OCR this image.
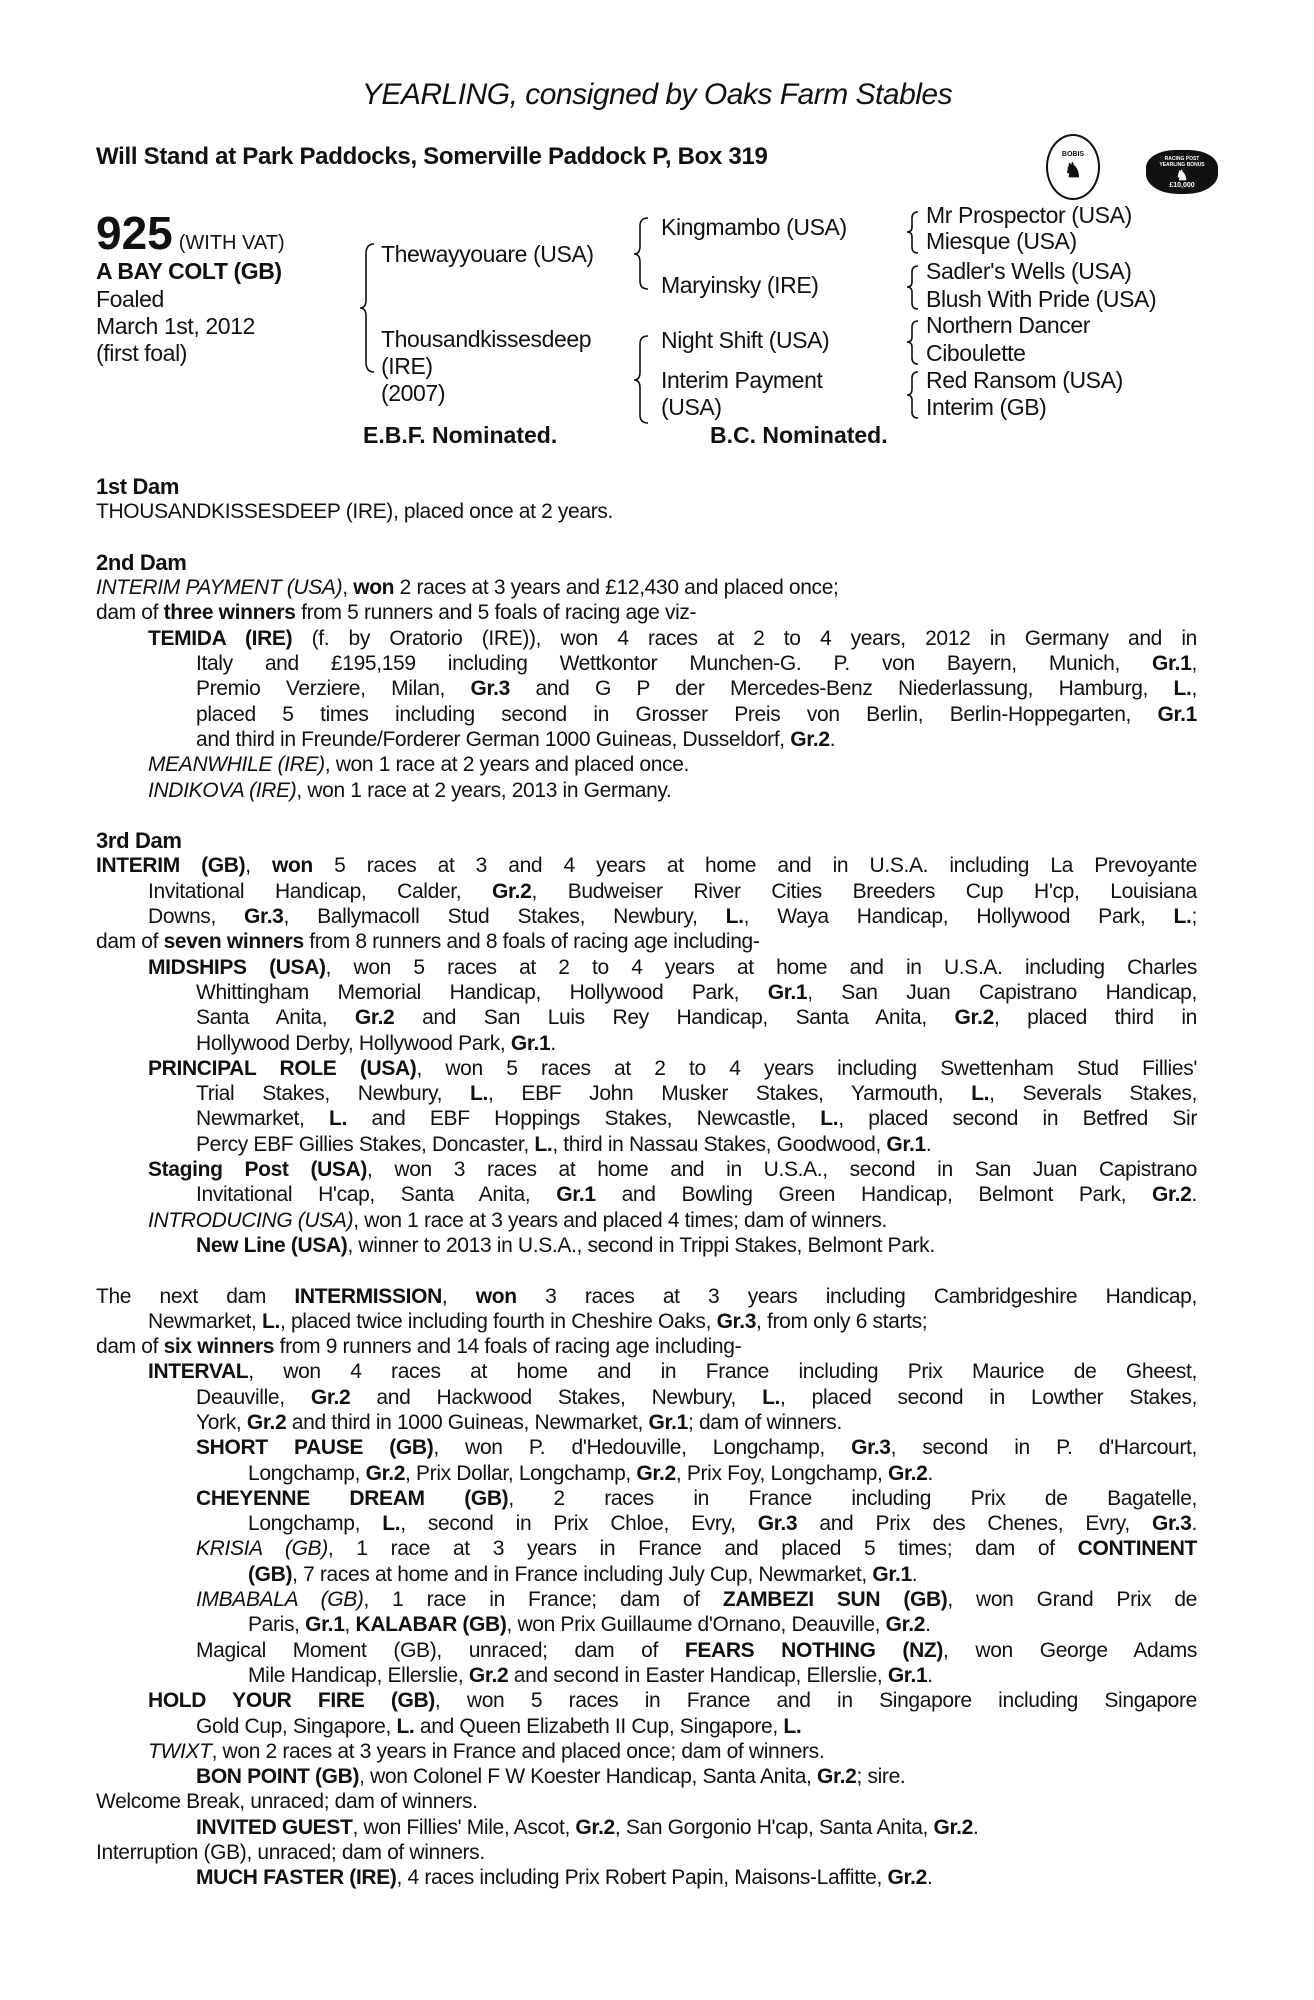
YEARLING, consigned by Oaks Farm Stables
Will Stand at Park Paddocks, Somerville Paddock P, Box 319	BOBIS
♞
RACING POST
YEARLING BONUS
♞
£10,000
925 (WITH VAT)
A BAY COLT (GB)
Foaled
March 1st, 2012
(first foal)
Thewayyouare (USA)
Thousandkissesdeep
(IRE)
(2007)
Kingmambo (USA)
Maryinsky (IRE)
Night Shift (USA)
Interim Payment
(USA)
Mr Prospector (USA)
Miesque (USA)
Sadler's Wells (USA)
Blush With Pride (USA)
Northern Dancer
Ciboulette
Red Ransom (USA)
Interim (GB)
E.B.F. Nominated.	B.C. Nominated.
1st Dam
THOUSANDKISSESDEEP (IRE), placed once at 2 years.
2nd Dam
INTERIM PAYMENT (USA), won 2 races at 3 years and £12,430 and placed once;
dam of three winners from 5 runners and 5 foals of racing age viz-
TEMIDA (IRE) (f. by Oratorio (IRE)), won 4 races at 2 to 4 years, 2012 in Germany and in
Italy and £195,159 including Wettkontor Munchen-G. P. von Bayern, Munich, Gr.1,
Premio Verziere, Milan, Gr.3 and G P der Mercedes-Benz Niederlassung, Hamburg, L.,
placed 5 times including second in Grosser Preis von Berlin, Berlin-Hoppegarten, Gr.1
and third in Freunde/Forderer German 1000 Guineas, Dusseldorf, Gr.2.
MEANWHILE (IRE), won 1 race at 2 years and placed once.
INDIKOVA (IRE), won 1 race at 2 years, 2013 in Germany.
3rd Dam
INTERIM (GB), won 5 races at 3 and 4 years at home and in U.S.A. including La Prevoyante
Invitational Handicap, Calder, Gr.2, Budweiser River Cities Breeders Cup H'cp, Louisiana
Downs, Gr.3, Ballymacoll Stud Stakes, Newbury, L., Waya Handicap, Hollywood Park, L.;
dam of seven winners from 8 runners and 8 foals of racing age including-
MIDSHIPS (USA), won 5 races at 2 to 4 years at home and in U.S.A. including Charles
Whittingham Memorial Handicap, Hollywood Park, Gr.1, San Juan Capistrano Handicap,
Santa Anita, Gr.2 and San Luis Rey Handicap, Santa Anita, Gr.2, placed third in
Hollywood Derby, Hollywood Park, Gr.1.
PRINCIPAL ROLE (USA), won 5 races at 2 to 4 years including Swettenham Stud Fillies'
Trial Stakes, Newbury, L., EBF John Musker Stakes, Yarmouth, L., Severals Stakes,
Newmarket, L. and EBF Hoppings Stakes, Newcastle, L., placed second in Betfred Sir
Percy EBF Gillies Stakes, Doncaster, L., third in Nassau Stakes, Goodwood, Gr.1.
Staging Post (USA), won 3 races at home and in U.S.A., second in San Juan Capistrano
Invitational H'cap, Santa Anita, Gr.1 and Bowling Green Handicap, Belmont Park, Gr.2.
INTRODUCING (USA), won 1 race at 3 years and placed 4 times; dam of winners.
New Line (USA), winner to 2013 in U.S.A., second in Trippi Stakes, Belmont Park.
The next dam INTERMISSION, won 3 races at 3 years including Cambridgeshire Handicap,
Newmarket, L., placed twice including fourth in Cheshire Oaks, Gr.3, from only 6 starts;
dam of six winners from 9 runners and 14 foals of racing age including-
INTERVAL, won 4 races at home and in France including Prix Maurice de Gheest,
Deauville, Gr.2 and Hackwood Stakes, Newbury, L., placed second in Lowther Stakes,
York, Gr.2 and third in 1000 Guineas, Newmarket, Gr.1; dam of winners.
SHORT PAUSE (GB), won P. d'Hedouville, Longchamp, Gr.3, second in P. d'Harcourt,
Longchamp, Gr.2, Prix Dollar, Longchamp, Gr.2, Prix Foy, Longchamp, Gr.2.
CHEYENNE DREAM (GB), 2 races in France including Prix de Bagatelle,
Longchamp, L., second in Prix Chloe, Evry, Gr.3 and Prix des Chenes, Evry, Gr.3.
KRISIA (GB), 1 race at 3 years in France and placed 5 times; dam of CONTINENT
(GB), 7 races at home and in France including July Cup, Newmarket, Gr.1.
IMBABALA (GB), 1 race in France; dam of ZAMBEZI SUN (GB), won Grand Prix de
Paris, Gr.1, KALABAR (GB), won Prix Guillaume d'Ornano, Deauville, Gr.2.
Magical Moment (GB), unraced; dam of FEARS NOTHING (NZ), won George Adams
Mile Handicap, Ellerslie, Gr.2 and second in Easter Handicap, Ellerslie, Gr.1.
HOLD YOUR FIRE (GB), won 5 races in France and in Singapore including Singapore
Gold Cup, Singapore, L. and Queen Elizabeth II Cup, Singapore, L.
TWIXT, won 2 races at 3 years in France and placed once; dam of winners.
BON POINT (GB), won Colonel F W Koester Handicap, Santa Anita, Gr.2; sire.
Welcome Break, unraced; dam of winners.
INVITED GUEST, won Fillies' Mile, Ascot, Gr.2, San Gorgonio H'cap, Santa Anita, Gr.2.
Interruption (GB), unraced; dam of winners.
MUCH FASTER (IRE), 4 races including Prix Robert Papin, Maisons-Laffitte, Gr.2.
